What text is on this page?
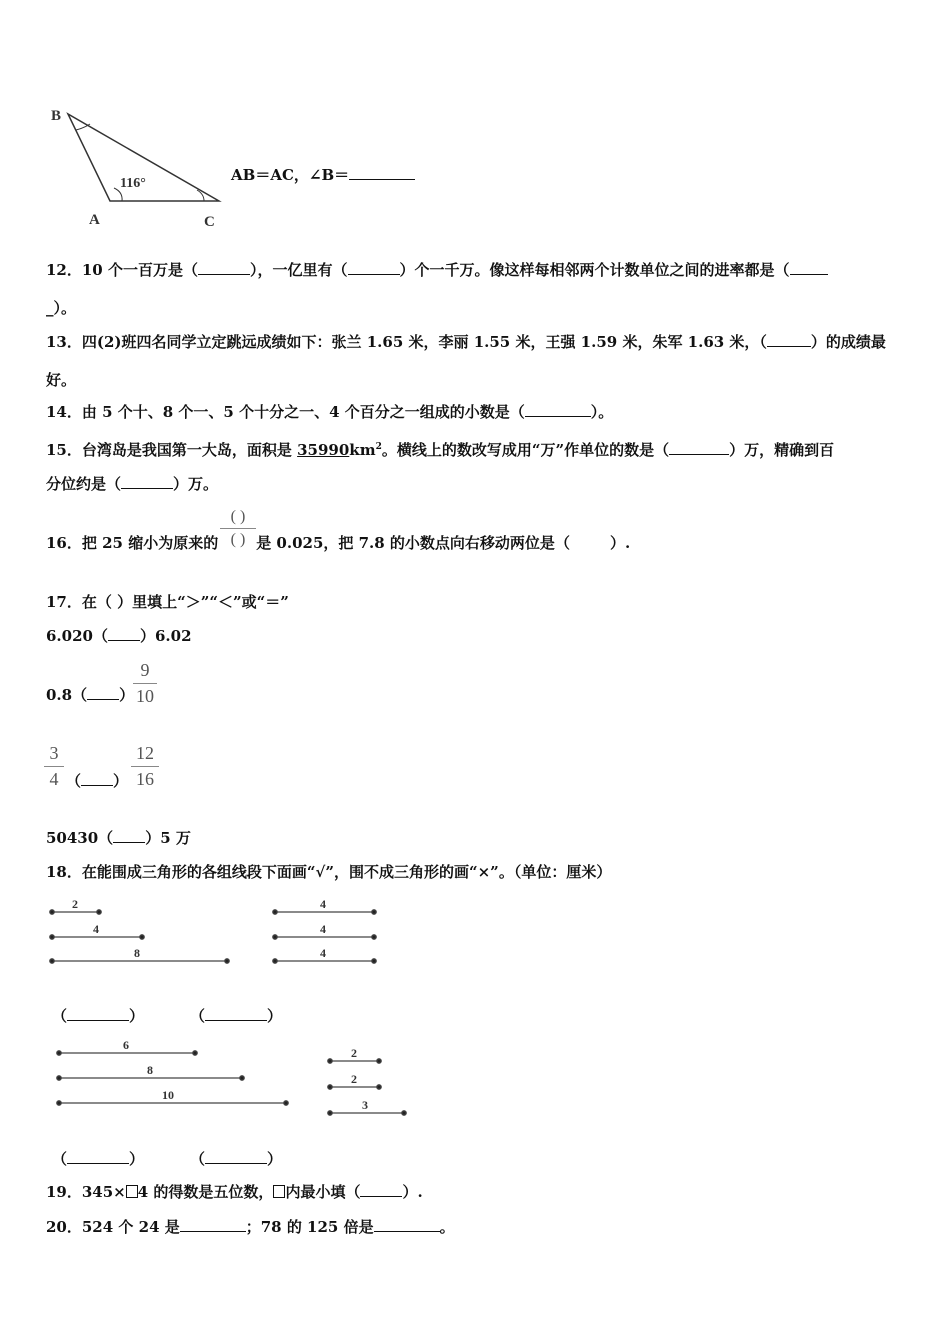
B
A	C
116°	AB＝AC，∠B＝
12．10 个一百万是（	），一亿里有（	）个一千万。像这样每相邻两个计数单位之间的进率都是（
_）。
13．四(2)班四名同学立定跳远成绩如下：张兰 1.65 米，李丽 1.55 米，王强 1.59 米，朱军 1.63 米，（	）的成绩最
好。
14．由 5 个十、8 个一、5 个十分之一、4 个百分之一组成的小数是（	）。
15．台湾岛是我国第一大岛，面积是 $35990km^2$。横线上的数改写成用“万”作单位的数是（	）万，精确到百
分位约是（	）万。
( )
( )
16．把 25 缩小为原来的	是 0.025，把 7.8 的小数点向右移动两位是（	）.
17．在（ ）里填上“＞”“＜”或“＝”
6.020（ ）6.02
0.8（ ）
9
10
3
4 （ ）
12
16
50430（ ）5 万
18．在能围成三角形的各组线段下面画“√”，围不成三角形的画“×”。（单位：厘米）
2
4
8
4
4
4
6
8
10
2
2
3
（	）	（	）
（	）	（	）
19．345× 4 的得数是五位数， 内最小填（	）.
20．524 个 24 是	；78 的 125 倍是	。
